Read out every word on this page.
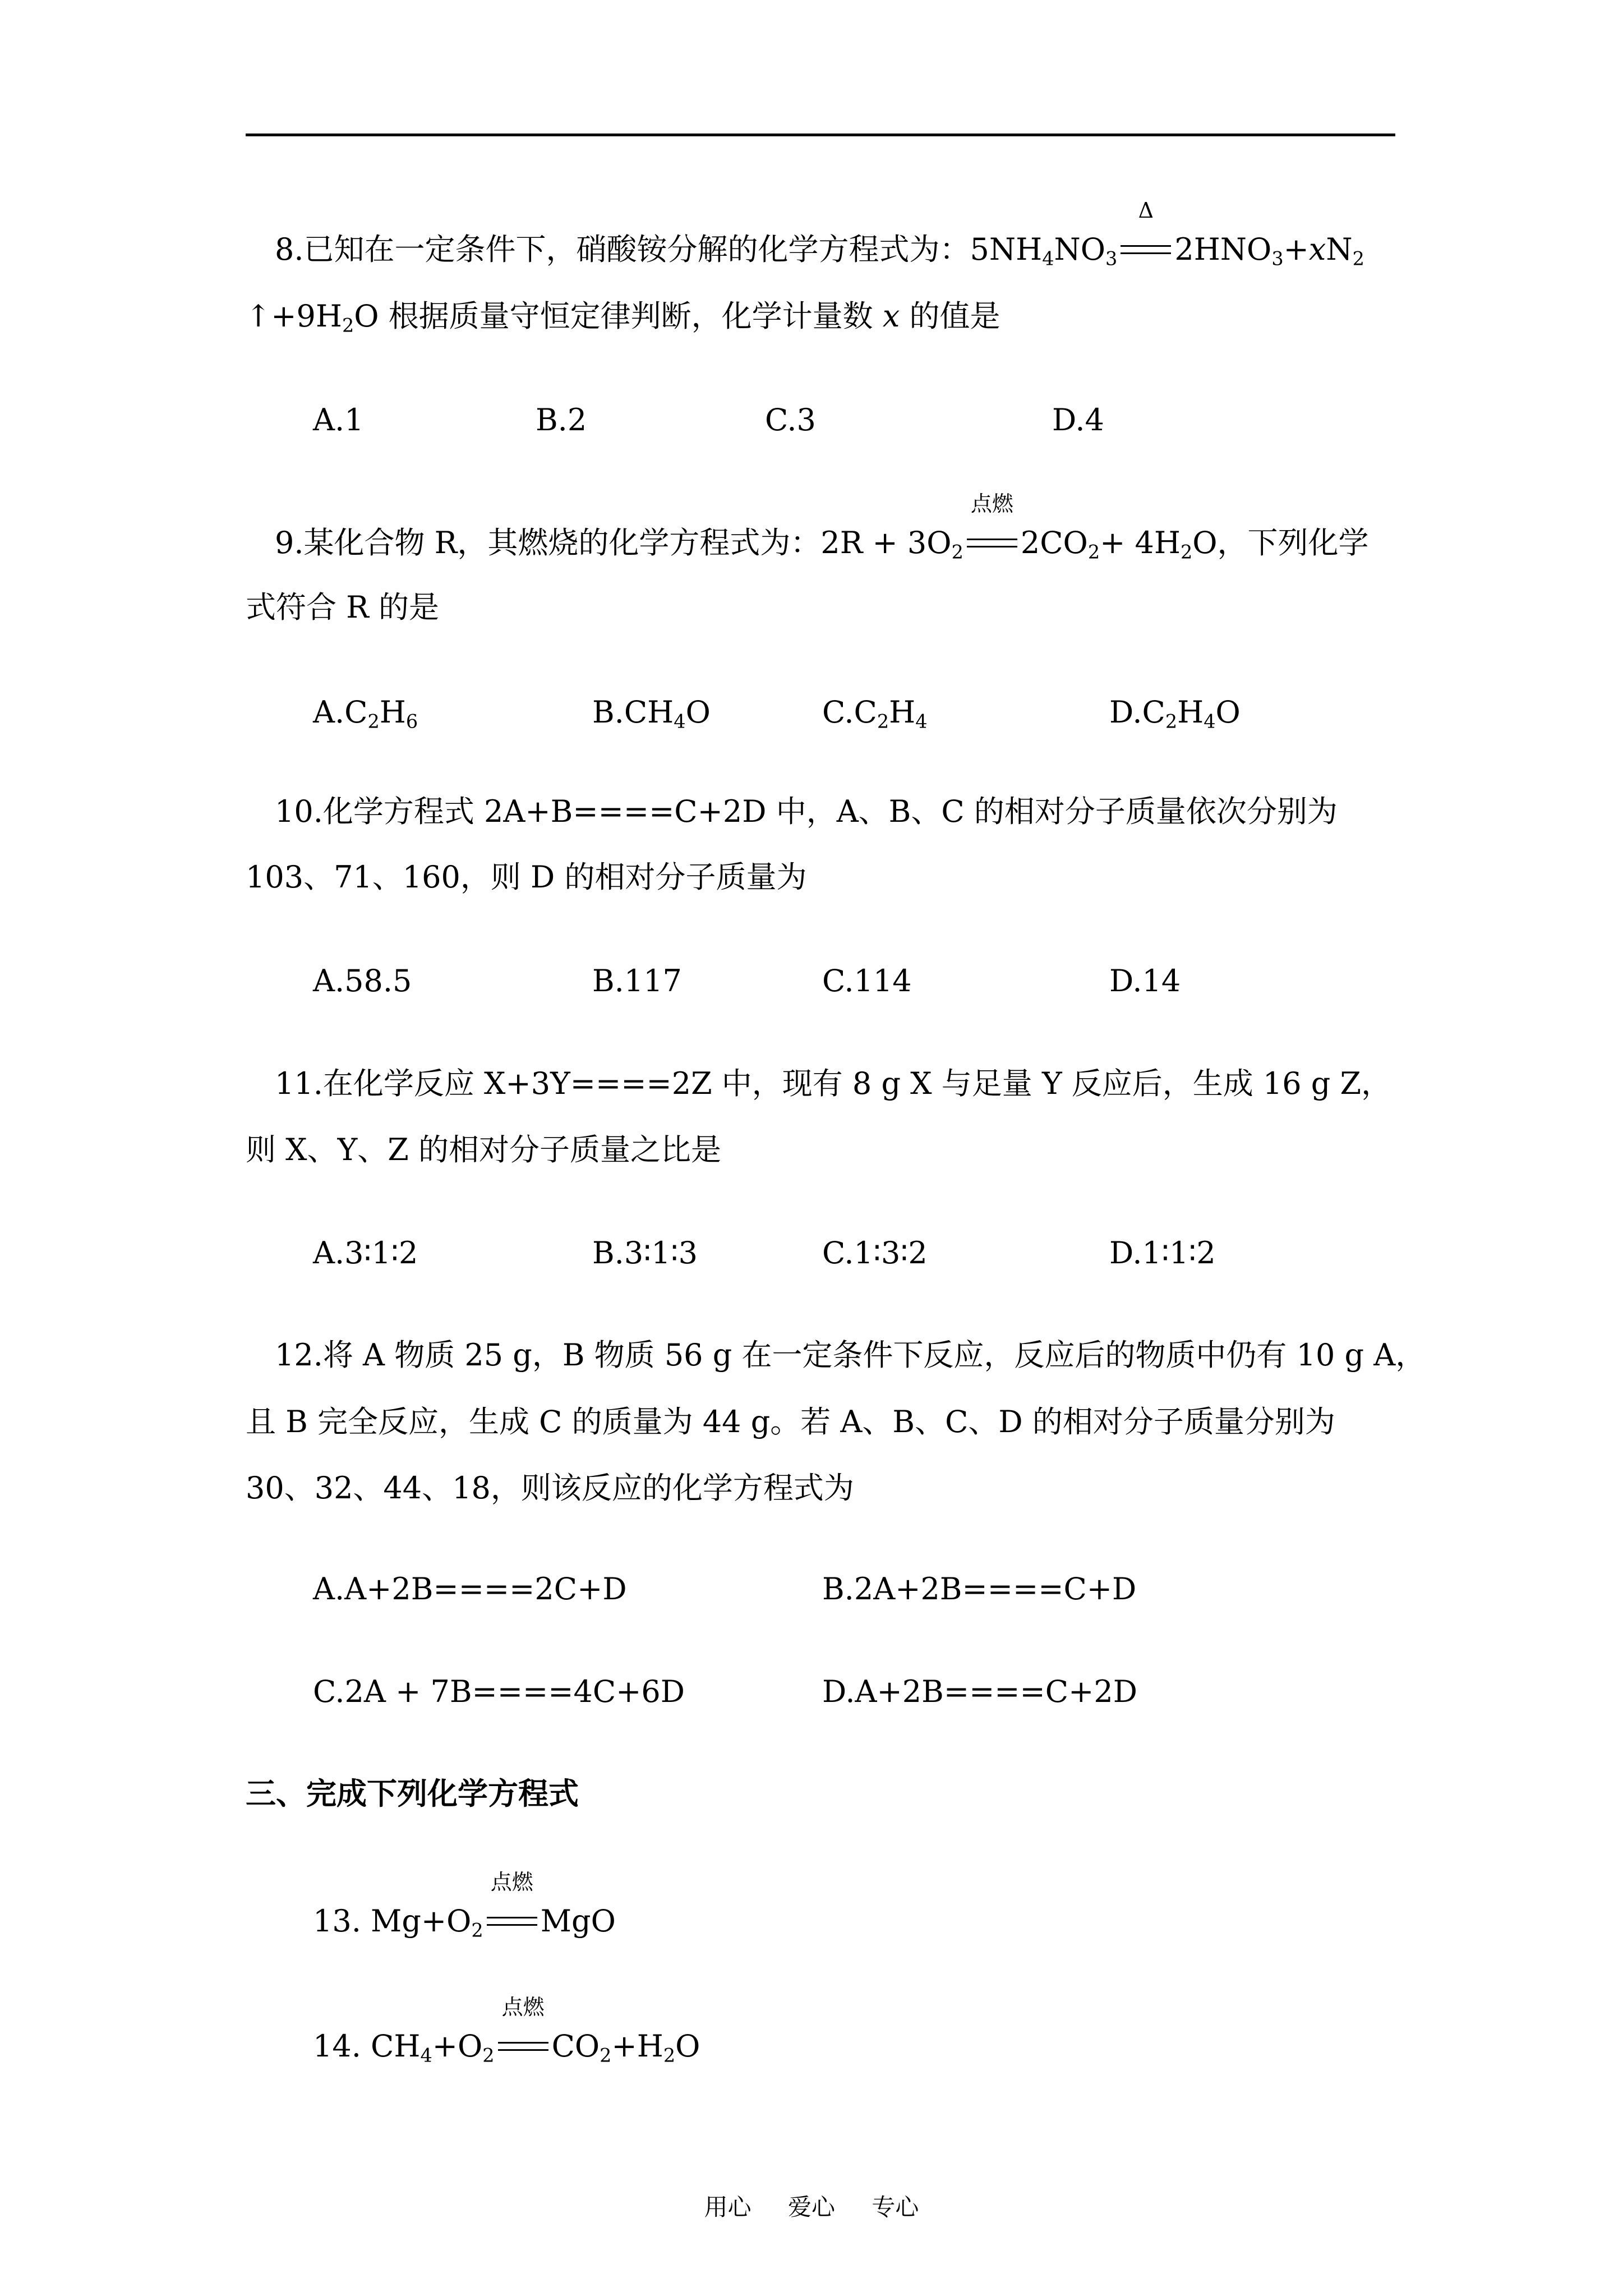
8.已知在一定条件下，硝酸铵分解的化学方程式为：$5NH_4NO_3$
Δ
$2HNO_3+xN_2$
$↑+9H_2O$ 根据质量守恒定律判断，化学计量数 x 的值是
A.1	B.2	C.3	D.4
9.某化合物 R，其燃烧的化学方程式为：$2R + 3O_2$
点燃
$2CO_2+ 4H_2O$，下列化学
式符合 R 的是
$A.C_2H_6$	$B.CH_4O$	$C.C_2H_4$	$D.C_2H_4O$
10.化学方程式 2A+B====C+2D 中，A、B、C 的相对分子质量依次分别为
103、71、160，则 D 的相对分子质量为
A.58.5	B.117	C.114	D.14
11.在化学反应 X+3Y====2Z 中，现有 8 g X 与足量 Y 反应后，生成 16 g Z，
则 X、Y、Z 的相对分子质量之比是
A.3∶1∶2	B.3∶1∶3	C.1∶3∶2	D.1∶1∶2
12.将 A 物质 25 g，B 物质 56 g 在一定条件下反应，反应后的物质中仍有 10 g A，
且 B 完全反应，生成 C 的质量为 44 g。若 A、B、C、D 的相对分子质量分别为
30、32、44、18，则该反应的化学方程式为
A.A+2B====2C+D	B.2A+2B====C+D
C.2A + 7B====4C+6D	D.A+2B====C+2D
三、完成下列化学方程式
13. $Mg+O_2$
点燃
MgO
14. $CH_4+O_2$
点燃
$CO_2+H_2O$
用心 爱心 专心
